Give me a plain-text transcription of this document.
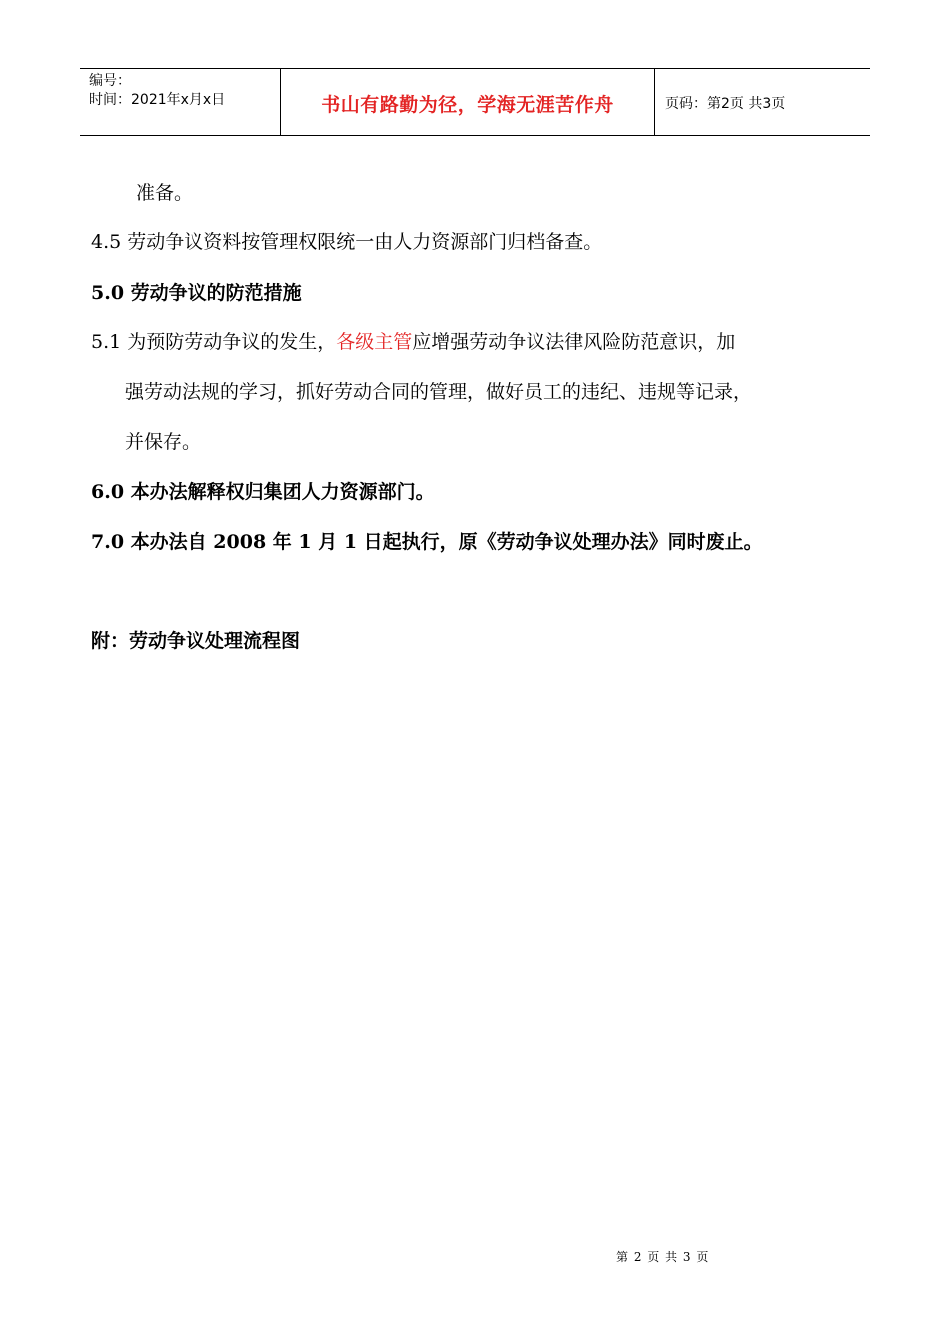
编号：
时间：2021年x月x日	书山有路勤为径，学海无涯苦作舟	页码：第2页 共3页
准备。
4.5 劳动争议资料按管理权限统一由人力资源部门归档备查。
5.0 劳动争议的防范措施
5.1 为预防劳动争议的发生，各级主管应增强劳动争议法律风险防范意识，加
强劳动法规的学习，抓好劳动合同的管理，做好员工的违纪、违规等记录，
并保存。
6.0 本办法解释权归集团人力资源部门。
7.0 本办法自 2008 年 1 月 1 日起执行，原《劳动争议处理办法》同时废止。
附：劳动争议处理流程图
第 2 页 共 3 页
